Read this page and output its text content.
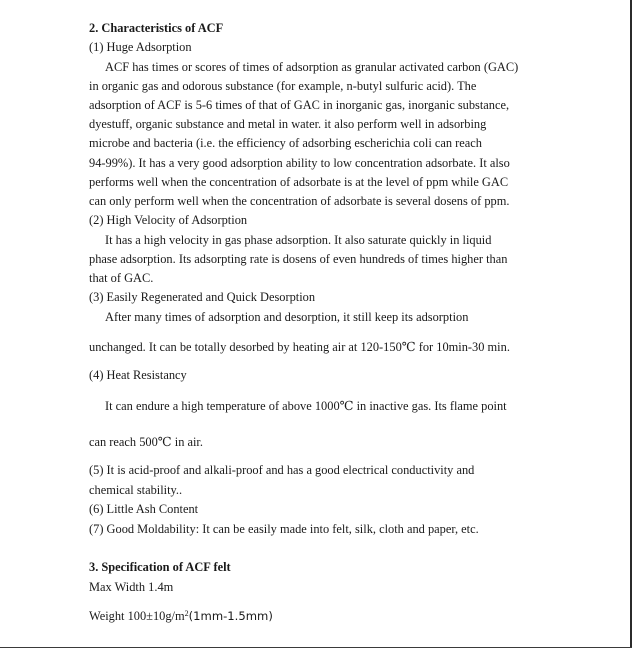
2. Characteristics of ACF
(1) Huge Adsorption
ACF has times or scores of times of adsorption as granular activated carbon (GAC)
in organic gas and odorous substance (for example, n-butyl sulfuric acid). The
adsorption of ACF is 5-6 times of that of GAC in inorganic gas, inorganic substance,
dyestuff, organic substance and metal in water. it also perform well in adsorbing
microbe and bacteria (i.e. the efficiency of adsorbing escherichia coli can reach
94-99%). It has a very good adsorption ability to low concentration adsorbate. It also
performs well when the concentration of adsorbate is at the level of ppm while GAC
can only perform well when the concentration of adsorbate is several dosens of ppm.
(2) High Velocity of Adsorption
It has a high velocity in gas phase adsorption. It also saturate quickly in liquid
phase adsorption. Its adsorpting rate is dosens of even hundreds of times higher than
that of GAC.
(3) Easily Regenerated and Quick Desorption
After many times of adsorption and desorption, it still keep its adsorption
unchanged. It can be totally desorbed by heating air at 120-150℃ for 10min-30 min.
(4) Heat Resistancy
It can endure a high temperature of above 1000℃ in inactive gas. Its flame point
can reach 500℃ in air.
(5) It is acid-proof and alkali-proof and has a good electrical conductivity and
chemical stability..
(6) Little Ash Content
(7) Good Moldability: It can be easily made into felt, silk, cloth and paper, etc.
3. Specification of ACF felt
Max Width 1.4m
Weight $100\pm 10g/m^2(1mm-1.5mm)$
